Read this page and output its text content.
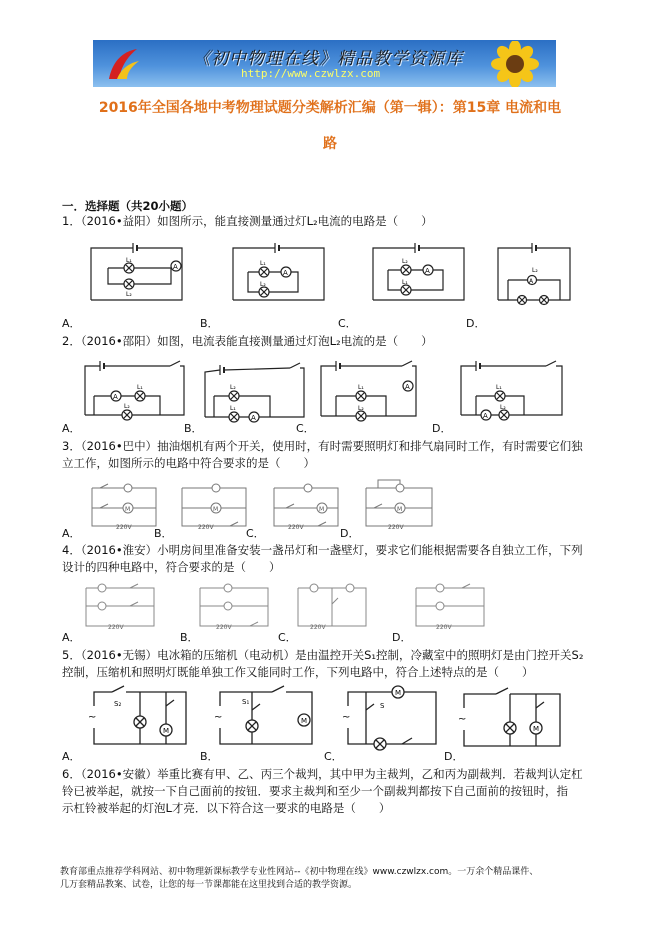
《初中物理在线》精品教学资源库
http://www.czwlzx.com
2016年全国各地中考物理试题分类解析汇编（第一辑）：第15章 电流和电
路
一．选择题（共20小题）
1．（2016•益阳）如图所示，能直接测量通过灯L₂电流的电路是（　　）
A
L₁
L₂
A
L₁
L₂
A
L₂
L₁	A
L₂
A．	B．	C．	D．
2．（2016•邵阳）如图，电流表能直接测量通过灯泡L₂电流的是（　　）
A
L₁
L₂
A
L₂
L₁
A
L₁
L₂
A
L₁
L₂
A．	B．	C．	D．
3．（2016•巴中）抽油烟机有两个开关，使用时，有时需要照明灯和排气扇同时工作，有时需要它们独
立工作，如图所示的电路中符合要求的是（　　）
M
220V
M
220V
M
220V
M
220V
A．	B．	C．	D．
4．（2016•淮安）小明房间里准备安装一盏吊灯和一盏壁灯，要求它们能根据需要各自独立工作，下列
设计的四种电路中，符合要求的是（　　）
220V	220V	220V	220V
A．	B．	C．	D．
5．（2016•无锡）电冰箱的压缩机（电动机）是由温控开关S₁控制，冷藏室中的照明灯是由门控开关S₂
控制，压缩机和照明灯既能单独工作又能同时工作，下列电路中，符合上述特点的是（　　）
~
M
S₂
~	M
S₁
~
M
S
~
M
A．	B．	C．	D．
6．（2016•安徽）举重比赛有甲、乙、丙三个裁判，其中甲为主裁判，乙和丙为副裁判．若裁判认定杠
铃已被举起，就按一下自己面前的按钮．要求主裁判和至少一个副裁判都按下自己面前的按钮时，指
示杠铃被举起的灯泡L才亮．以下符合这一要求的电路是（　　）
教育部重点推荐学科网站、初中物理新课标教学专业性网站--《初中物理在线》www.czwlzx.com。一万余个精品课件、
几万套精品教案、试卷，让您的每一节课都能在这里找到合适的教学资源。
